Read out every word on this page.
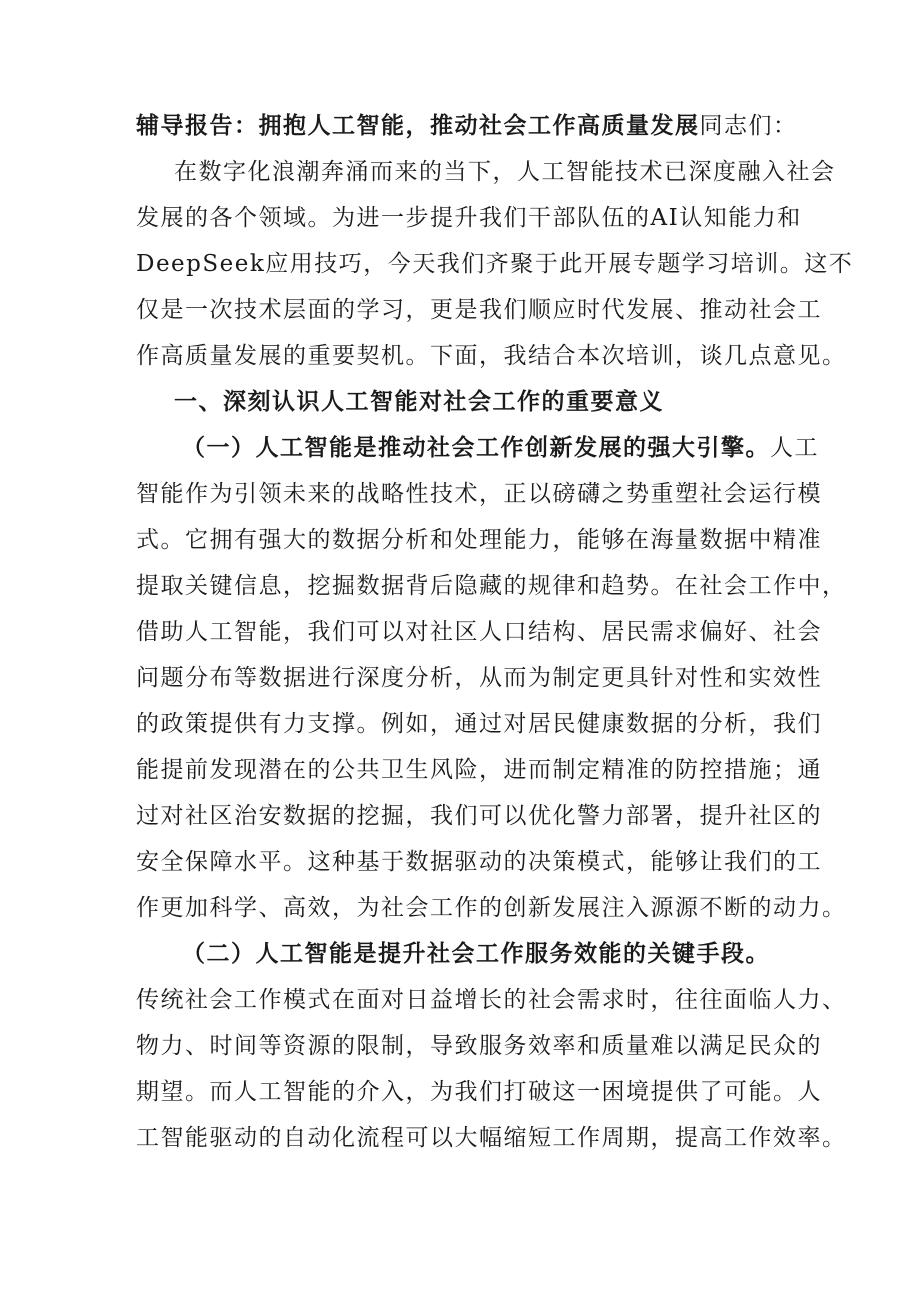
辅导报告：拥抱人工智能，推动社会工作高质量发展同志们：
在数字化浪潮奔涌而来的当下，人工智能技术已深度融入社会
发展的各个领域。为进一步提升我们干部队伍的AI认知能力和
DeepSeek应用技巧，今天我们齐聚于此开展专题学习培训。这不
仅是一次技术层面的学习，更是我们顺应时代发展、推动社会工
作高质量发展的重要契机。下面，我结合本次培训，谈几点意见。
一、深刻认识人工智能对社会工作的重要意义
（一）人工智能是推动社会工作创新发展的强大引擎。人工
智能作为引领未来的战略性技术，正以磅礴之势重塑社会运行模
式。它拥有强大的数据分析和处理能力，能够在海量数据中精准
提取关键信息，挖掘数据背后隐藏的规律和趋势。在社会工作中，
借助人工智能，我们可以对社区人口结构、居民需求偏好、社会
问题分布等数据进行深度分析，从而为制定更具针对性和实效性
的政策提供有力支撑。例如，通过对居民健康数据的分析，我们
能提前发现潜在的公共卫生风险，进而制定精准的防控措施；通
过对社区治安数据的挖掘，我们可以优化警力部署，提升社区的
安全保障水平。这种基于数据驱动的决策模式，能够让我们的工
作更加科学、高效，为社会工作的创新发展注入源源不断的动力。
（二）人工智能是提升社会工作服务效能的关键手段。
传统社会工作模式在面对日益增长的社会需求时，往往面临人力、
物力、时间等资源的限制，导致服务效率和质量难以满足民众的
期望。而人工智能的介入，为我们打破这一困境提供了可能。人
工智能驱动的自动化流程可以大幅缩短工作周期，提高工作效率。
